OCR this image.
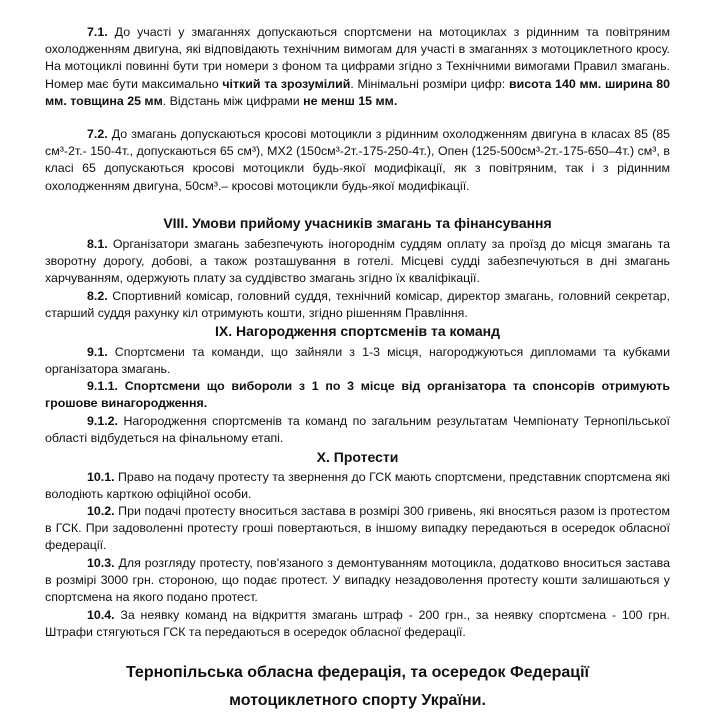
7.1. До участі у змаганнях допускаються спортсмени на мотоциклах з рідинним та повітряним охолодженням двигуна, які відповідають технічним вимогам для участі в змаганнях з мотоциклетного кросу. На мотоциклі повинні бути три номери з фоном та цифрами згідно з Технічними вимогами Правил змагань. Номер має бути максимально чіткий та зрозумілий. Мінімальні розміри цифр: висота 140 мм. ширина 80 мм. товщина 25 мм. Відстань між цифрами не менш 15 мм.

7.2. До змагань допускаються кросові мотоцикли з рідинним охолодженням двигуна в класах 85 (85 см³-2т.- 150-4т., допускаються 65 см³), МХ2 (150см³-2т.-175-250-4т.), Опен (125-500см³-2т.-175-650–4т.) см³, в класі 65 допускаються кросові мотоцикли будь-якої модифікації, як з повітряним, так і з рідинним охолодженням двигуна, 50см³.– кросові мотоцикли будь-якої модифікації.

VIII. Умови прийому учасників змагань та фінансування

8.1. Організатори змагань забезпечують іногороднім суддям оплату за проїзд до місця змагань та зворотну дорогу, добові, а також розташування в готелі. Місцеві судді забезпечуються в дні змагань харчуванням, одержують плату за суддівство змагань згідно їх кваліфікації.

8.2. Спортивний комісар, головний суддя, технічний комісар, директор змагань, головний секретар, старший суддя рахунку кіл отримують кошти, згідно рішенням Правління.

IX. Нагородження спортсменів та команд

9.1. Спортсмени та команди, що зайняли з 1-3 місця, нагороджуються дипломами та кубками організатора змагань.

9.1.1. Спортсмени що вибороли з 1 по 3 місце від організатора та спонсорів отримують грошове винагородження.

9.1.2. Нагородження спортсменів та команд по загальним результатам Чемпіонату Тернопільської області відбудеться на фінальному етапі.

X. Протести

10.1. Право на подачу протесту та звернення до ГСК мають спортсмени, представник спортсмена які володіють карткою офіційної особи.

10.2. При подачі протесту вноситься застава в розмірі 300 гривень, які вносяться разом із протестом в ГСК. При задоволенні протесту гроші повертаються, в іншому випадку передаються в осередок обласної федерації.

10.3. Для розгляду протесту, пов'язаного з демонтуванням мотоцикла, додатково вноситься застава в розмірі 3000 грн. стороною, що подає протест. У випадку незадоволення протесту кошти залишаються у спортсмена на якого подано протест.

10.4. За неявку команд на відкриття змагань штраф - 200 грн., за неявку спортсмена - 100 грн. Штрафи стягуються ГСК та передаються в осередок обласної федерації.

Тернопільська обласна федерація, та осередок Федерації
мотоциклетного спорту України.
